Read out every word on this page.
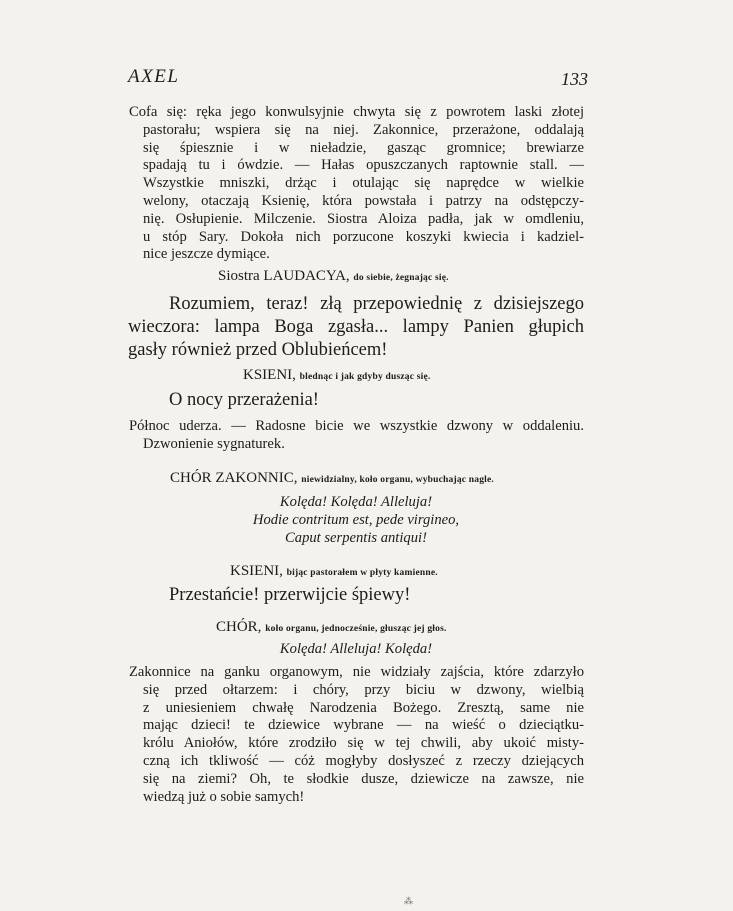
AXEL	133
Cofa się: ręka jego konwulsyjnie chwyta się z powrotem laski złotej
pastorału; wspiera się na niej. Zakonnice, przerażone, oddalają
się śpiesznie i w nieładzie, gasząc gromnice; brewiarze
spadają tu i ówdzie. — Hałas opuszczanych raptownie stall. —
Wszystkie mniszki, drżąc i otulając się naprędce w wielkie
welony, otaczają Ksienię, która powstała i patrzy na odstępczy-
nię. Osłupienie. Milczenie. Siostra Aloiza padła, jak w omdleniu,
u stóp Sary. Dokoła nich porzucone koszyki kwiecia i kadziel-
nice jeszcze dymiące.
Siostra LAUDACYA, do siebie, żegnając się.
Rozumiem, teraz! złą przepowiednię z dzisiejszego
wieczora: lampa Boga zgasła... lampy Panien głupich
gasły również przed Oblubieńcem!
KSIENI, blednąc i jak gdyby dusząc się.
O nocy przerażenia!
Północ uderza. — Radosne bicie we wszystkie dzwony w oddaleniu.
Dzwonienie sygnaturek.
CHÓR ZAKONNIC, niewidzialny, koło organu, wybuchając nagle.
Kolęda! Kolęda! Alleluja!
Hodie contritum est, pede virgineo,
Caput serpentis antiqui!
KSIENI, bijąc pastorałem w płyty kamienne.
Przestańcie! przerwijcie śpiewy!
CHÓR, koło organu, jednocześnie, głusząc jej głos.
Kolęda! Alleluja! Kolęda!
Zakonnice na ganku organowym, nie widziały zajścia, które zdarzyło
się przed ołtarzem: i chóry, przy biciu w dzwony, wielbią
z uniesieniem chwałę Narodzenia Bożego. Zresztą, same nie
mając dzieci! te dziewice wybrane — na wieść o dzieciątku-
królu Aniołów, które zrodziło się w tej chwili, aby ukoić misty-
czną ich tkliwość — cóż mogłyby dosłyszeć z rzeczy dziejących
się na ziemi? Oh, te słodkie dusze, dziewicze na zawsze, nie
wiedzą już o sobie samych!
⁂
